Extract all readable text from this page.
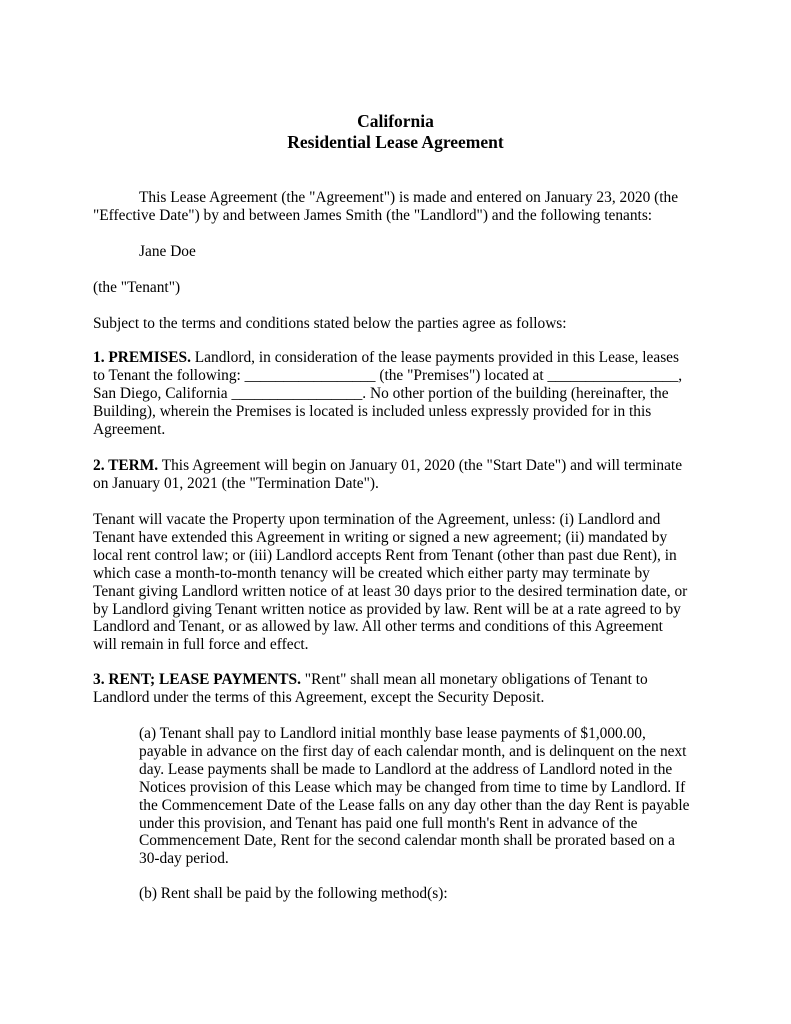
California
Residential Lease Agreement

This Lease Agreement (the "Agreement") is made and entered on January 23, 2020 (the
"Effective Date") by and between James Smith (the "Landlord") and the following tenants:

Jane Doe

(the "Tenant")

Subject to the terms and conditions stated below the parties agree as follows:

1. PREMISES. Landlord, in consideration of the lease payments provided in this Lease, leases
to Tenant the following: _________________ (the "Premises") located at _________________,
San Diego, California _________________. No other portion of the building (hereinafter, the
Building), wherein the Premises is located is included unless expressly provided for in this
Agreement.

2. TERM. This Agreement will begin on January 01, 2020 (the "Start Date") and will terminate
on January 01, 2021 (the "Termination Date").

Tenant will vacate the Property upon termination of the Agreement, unless: (i) Landlord and
Tenant have extended this Agreement in writing or signed a new agreement; (ii) mandated by
local rent control law; or (iii) Landlord accepts Rent from Tenant (other than past due Rent), in
which case a month-to-month tenancy will be created which either party may terminate by
Tenant giving Landlord written notice of at least 30 days prior to the desired termination date, or
by Landlord giving Tenant written notice as provided by law. Rent will be at a rate agreed to by
Landlord and Tenant, or as allowed by law. All other terms and conditions of this Agreement
will remain in full force and effect.

3. RENT; LEASE PAYMENTS. "Rent" shall mean all monetary obligations of Tenant to
Landlord under the terms of this Agreement, except the Security Deposit.

(a) Tenant shall pay to Landlord initial monthly base lease payments of $1,000.00,
payable in advance on the first day of each calendar month, and is delinquent on the next
day. Lease payments shall be made to Landlord at the address of Landlord noted in the
Notices provision of this Lease which may be changed from time to time by Landlord. If
the Commencement Date of the Lease falls on any day other than the day Rent is payable
under this provision, and Tenant has paid one full month's Rent in advance of the
Commencement Date, Rent for the second calendar month shall be prorated based on a
30-day period.

(b) Rent shall be paid by the following method(s):
